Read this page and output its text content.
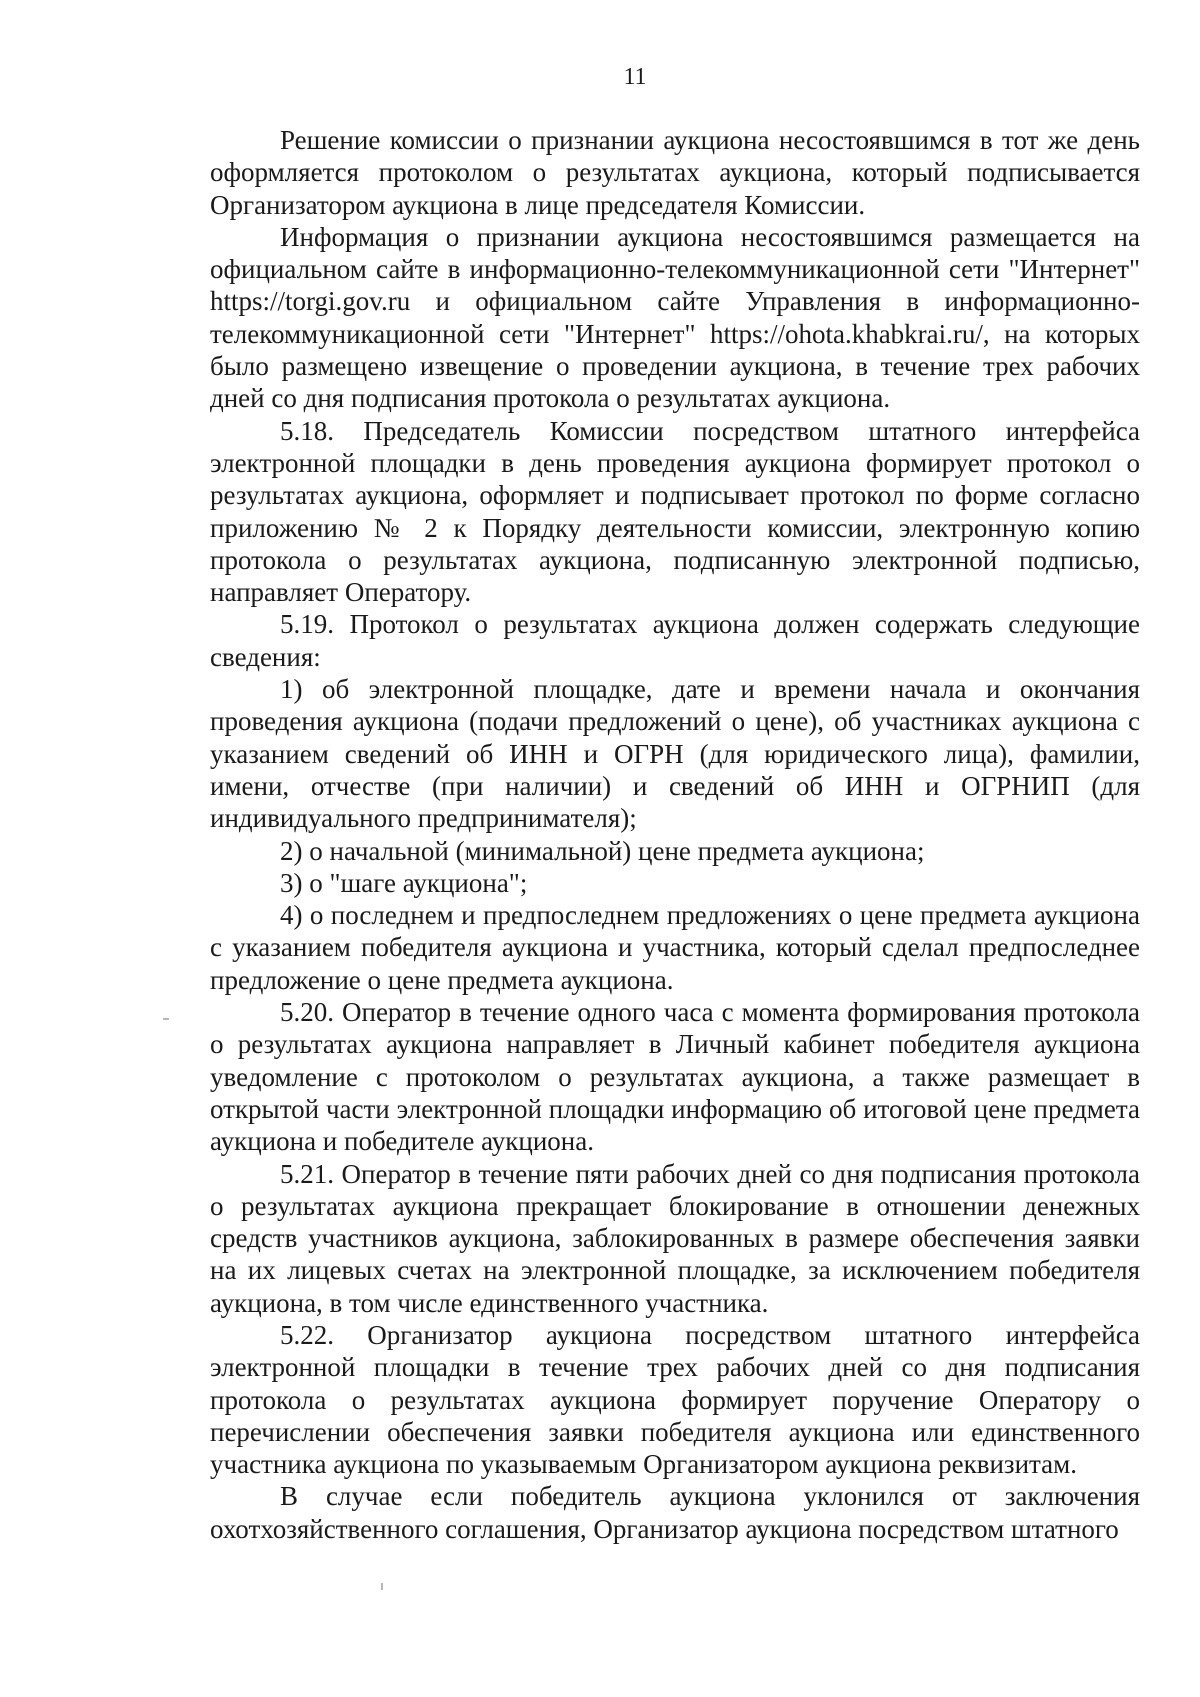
11

Решение комиссии о признании аукциона несостоявшимся в тот же день оформляется протоколом о результатах аукциона, который подписывается Организатором аукциона в лице председателя Комиссии.

Информация о признании аукциона несостоявшимся размещается на официальном сайте в информационно-телекоммуникационной сети "Интернет" https://torgi.gov.ru и официальном сайте Управления в информационно-телекоммуникационной сети "Интернет" https://ohota.khabkrai.ru/, на которых было размещено извещение о проведении аукциона, в течение трех рабочих дней со дня подписания протокола о результатах аукциона.

5.18. Председатель Комиссии посредством штатного интерфейса электронной площадки в день проведения аукциона формирует протокол о результатах аукциона, оформляет и подписывает протокол по форме согласно приложению № 2 к Порядку деятельности комиссии, электронную копию протокола о результатах аукциона, подписанную электронной подписью, направляет Оператору.

5.19. Протокол о результатах аукциона должен содержать следующие сведения:

1) об электронной площадке, дате и времени начала и окончания проведения аукциона (подачи предложений о цене), об участниках аукциона с указанием сведений об ИНН и ОГРН (для юридического лица), фамилии, имени, отчестве (при наличии) и сведений об ИНН и ОГРНИП (для индивидуального предпринимателя);

2) о начальной (минимальной) цене предмета аукциона;

3) о "шаге аукциона";

4) о последнем и предпоследнем предложениях о цене предмета аукциона с указанием победителя аукциона и участника, который сделал предпоследнее предложение о цене предмета аукциона.

5.20. Оператор в течение одного часа с момента формирования протокола о результатах аукциона направляет в Личный кабинет победителя аукциона уведомление с протоколом о результатах аукциона, а также размещает в открытой части электронной площадки информацию об итоговой цене предмета аукциона и победителе аукциона.

5.21. Оператор в течение пяти рабочих дней со дня подписания протокола о результатах аукциона прекращает блокирование в отношении денежных средств участников аукциона, заблокированных в размере обеспечения заявки на их лицевых счетах на электронной площадке, за исключением победителя аукциона, в том числе единственного участника.

5.22. Организатор аукциона посредством штатного интерфейса электронной площадки в течение трех рабочих дней со дня подписания протокола о результатах аукциона формирует поручение Оператору о перечислении обеспечения заявки победителя аукциона или единственного участника аукциона по указываемым Организатором аукциона реквизитам.

В случае если победитель аукциона уклонился от заключения охотхозяйственного соглашения, Организатор аукциона посредством штатного
